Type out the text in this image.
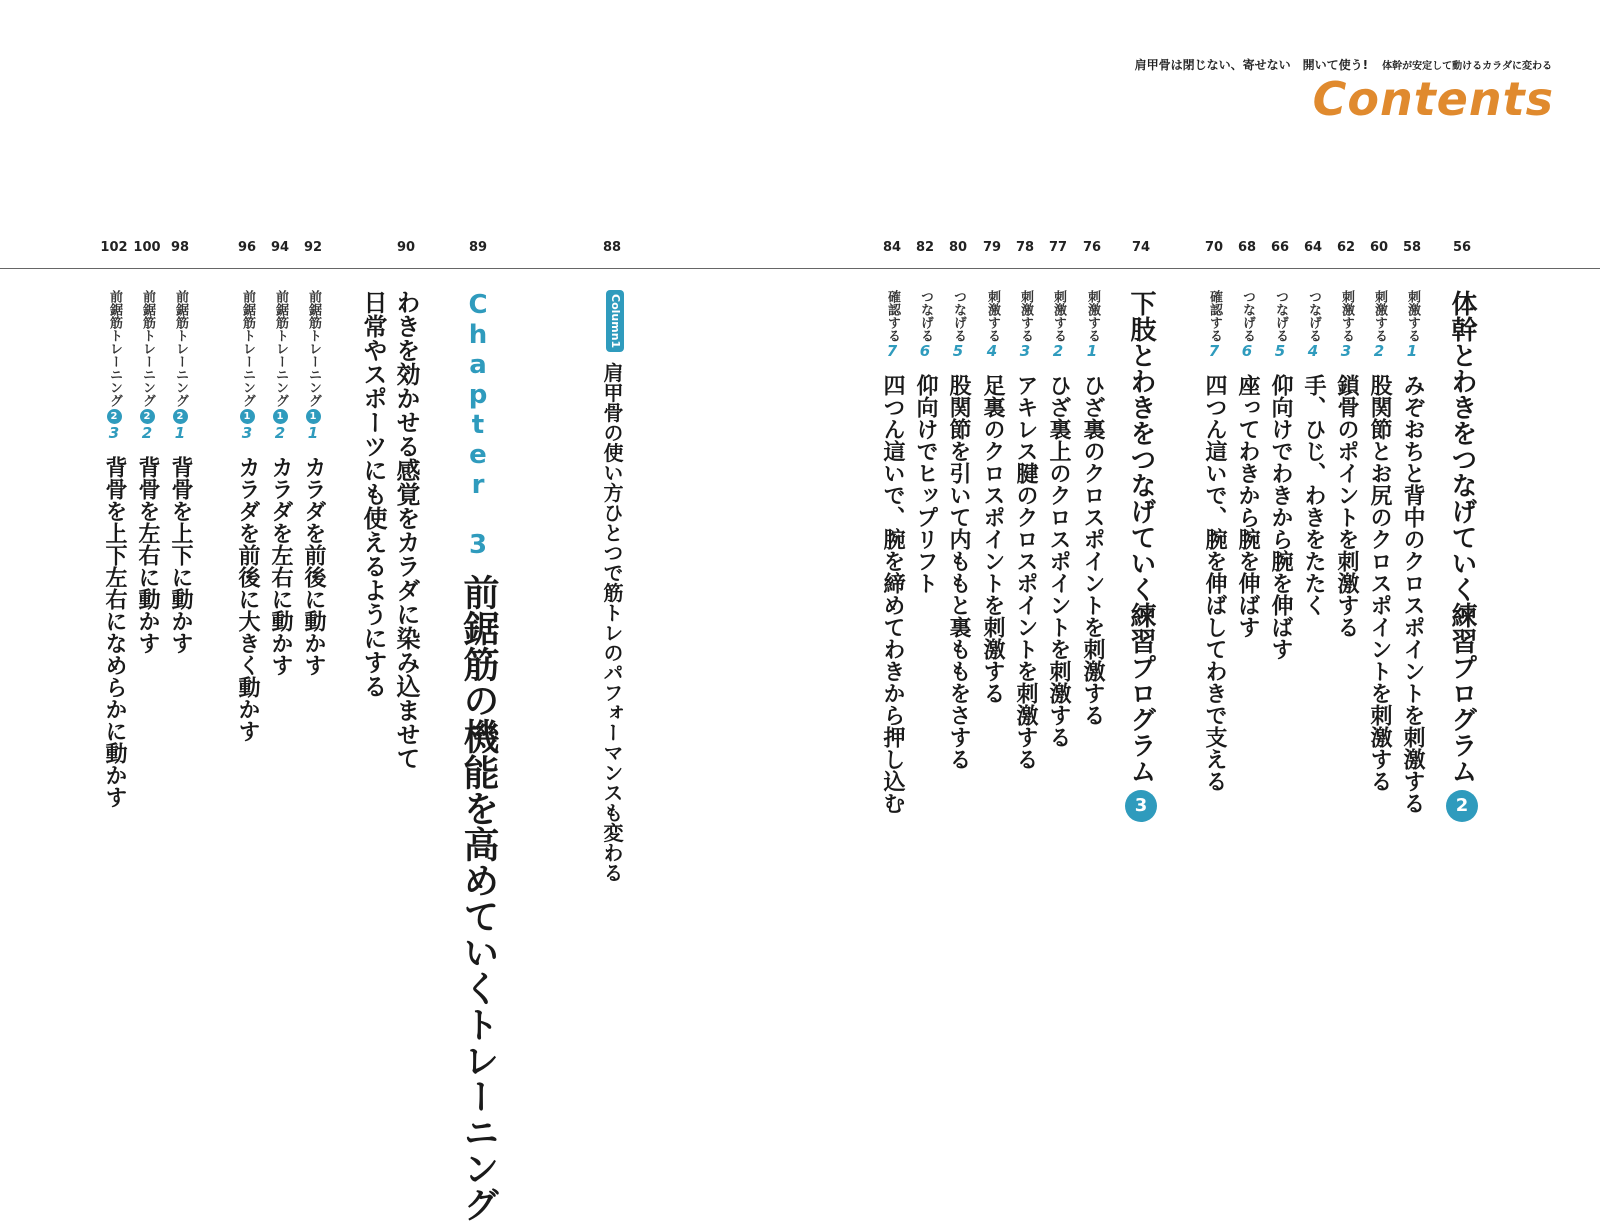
肩甲骨は閉じない、寄せない　開いて使う! 体幹が安定して動けるカラダに変わる
Contents
56
体幹とわきをつなげていく練習プログラム2
58
刺激する1みぞおちと背中のクロスポイントを刺激する
60
刺激する2股関節とお尻のクロスポイントを刺激する
62
刺激する3鎖骨のポイントを刺激する
64
つなげる4手、ひじ、わきをたたく
66
つなげる5仰向けでわきから腕を伸ばす
68
つなげる6座ってわきから腕を伸ばす
70
確認する7四つん這いで、腕を伸ばしてわきで支える
74
下肢とわきをつなげていく練習プログラム3
76
刺激する1ひざ裏のクロスポイントを刺激する
77
刺激する2ひざ裏上のクロスポイントを刺激する
78
刺激する3アキレス腱のクロスポイントを刺激する
79
刺激する4足裏のクロスポイントを刺激する
80
つなげる5股関節を引いて内ももと裏ももをさする
82
つなげる6仰向けでヒップリフト
84
確認する7四つん這いで、腕を締めてわきから押し込む
88
Column1肩甲骨の使い方ひとつで筋トレのパフォーマンスも変わる
89
Chapter 3前鋸筋の機能を高めていくトレーニング
90
わきを効かせる感覚をカラダに染み込ませて
日常やスポーツにも使えるようにする
92
前鋸筋トレーニング11カラダを前後に動かす
94
前鋸筋トレーニング12カラダを左右に動かす
96
前鋸筋トレーニング13カラダを前後に大きく動かす
98
前鋸筋トレーニング21背骨を上下に動かす
100
前鋸筋トレーニング22背骨を左右に動かす
102
前鋸筋トレーニング23背骨を上下左右になめらかに動かす
